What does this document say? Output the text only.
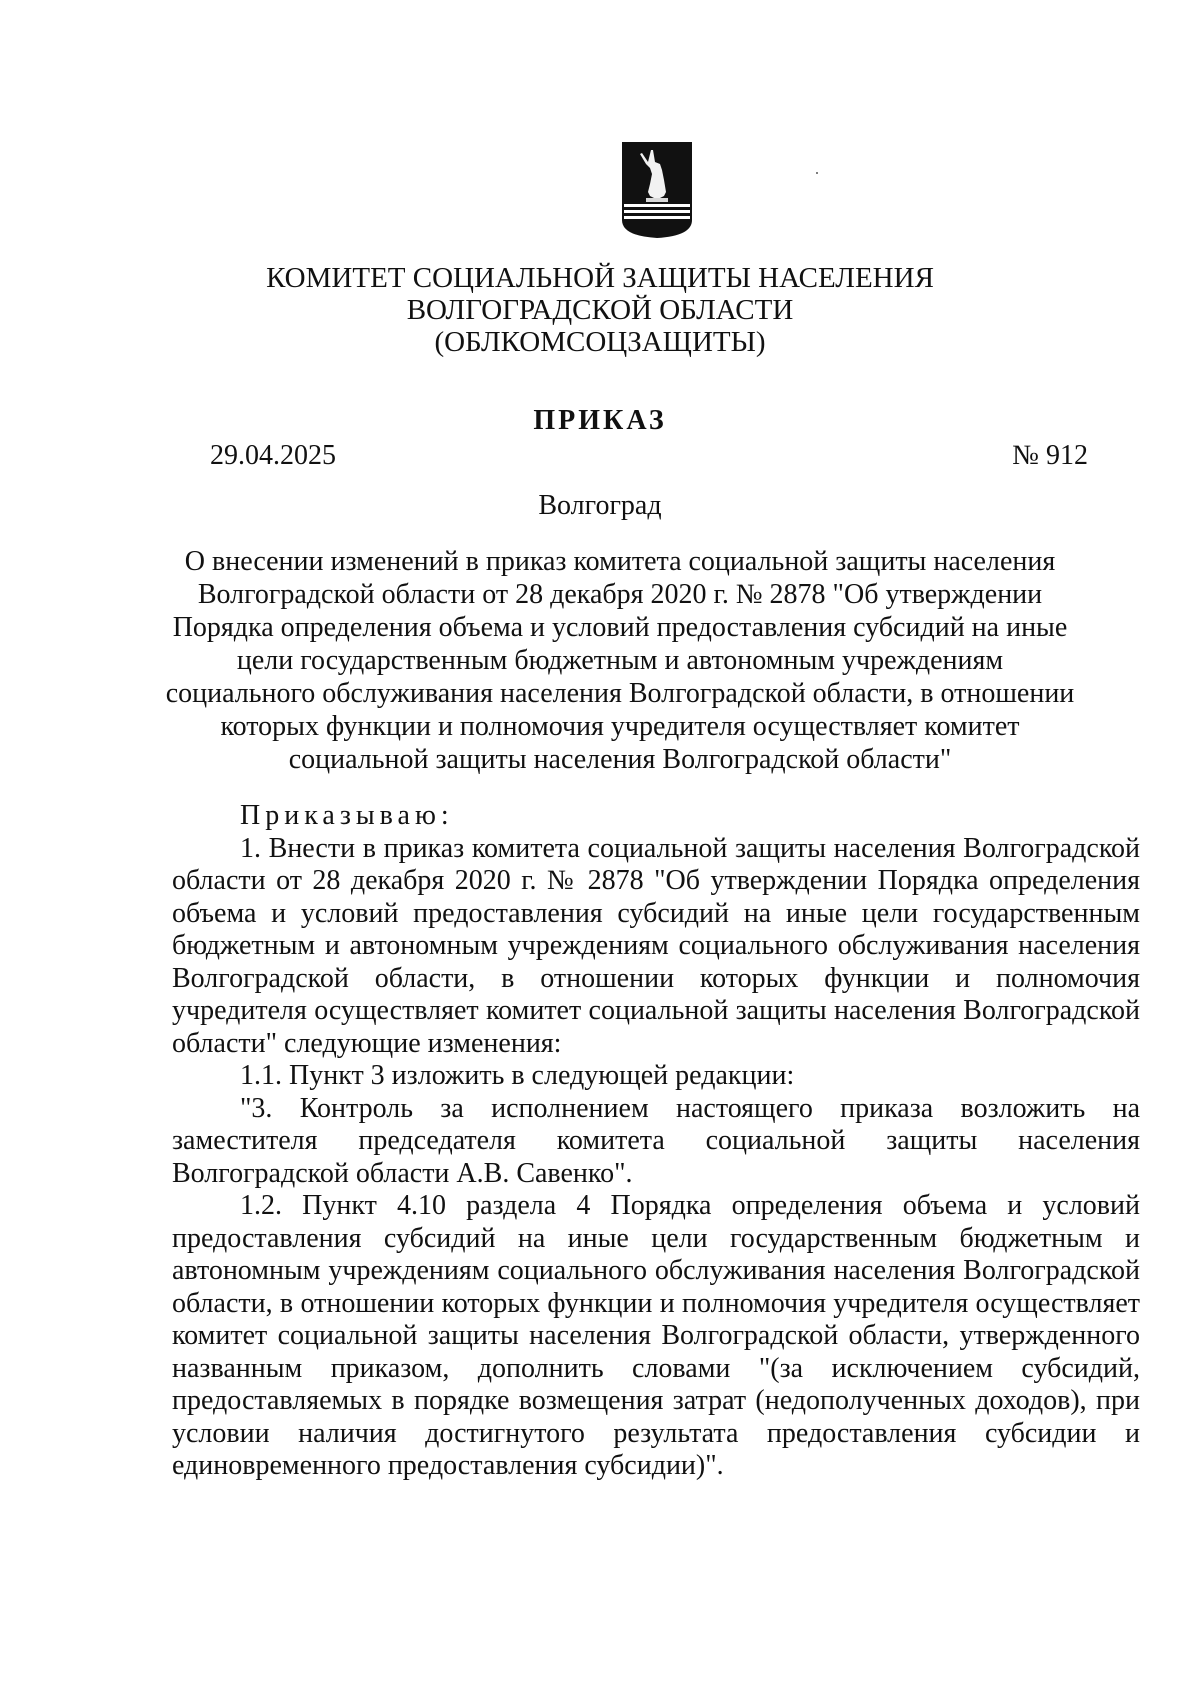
КОМИТЕТ СОЦИАЛЬНОЙ ЗАЩИТЫ НАСЕЛЕНИЯ
ВОЛГОГРАДСКОЙ ОБЛАСТИ
(ОБЛКОМСОЦЗАЩИТЫ)
ПРИКАЗ
29.04.2025	№ 912
Волгоград
О внесении изменений в приказ комитета социальной защиты населения Волгоградской области от 28 декабря 2020 г. № 2878 "Об утверждении Порядка определения объема и условий предоставления субсидий на иные цели государственным бюджетным и автономным учреждениям социального обслуживания населения Волгоградской области, в отношении которых функции и полномочия учредителя осуществляет комитет социальной защиты населения Волгоградской области"

Приказываю:

1. Внести в приказ комитета социальной защиты населения Волгоградской области от 28 декабря 2020 г. № 2878 "Об утверждении Порядка определения объема и условий предоставления субсидий на иные цели государственным бюджетным и автономным учреждениям социального обслуживания населения Волгоградской области, в отношении которых функции и полномочия учредителя осуществляет комитет социальной защиты населения Волгоградской области" следующие изменения:

1.1. Пункт 3 изложить в следующей редакции:

"3. Контроль за исполнением настоящего приказа возложить на заместителя председателя комитета социальной защиты населения Волгоградской области А.В. Савенко".

1.2. Пункт 4.10 раздела 4 Порядка определения объема и условий предоставления субсидий на иные цели государственным бюджетным и автономным учреждениям социального обслуживания населения Волгоградской области, в отношении которых функции и полномочия учредителя осуществляет комитет социальной защиты населения Волгоградской области, утвержденного названным приказом, дополнить словами "(за исключением субсидий, предоставляемых в порядке возмещения затрат (недополученных доходов), при условии наличия достигнутого результата предоставления субсидии и единовременного предоставления субсидии)".
